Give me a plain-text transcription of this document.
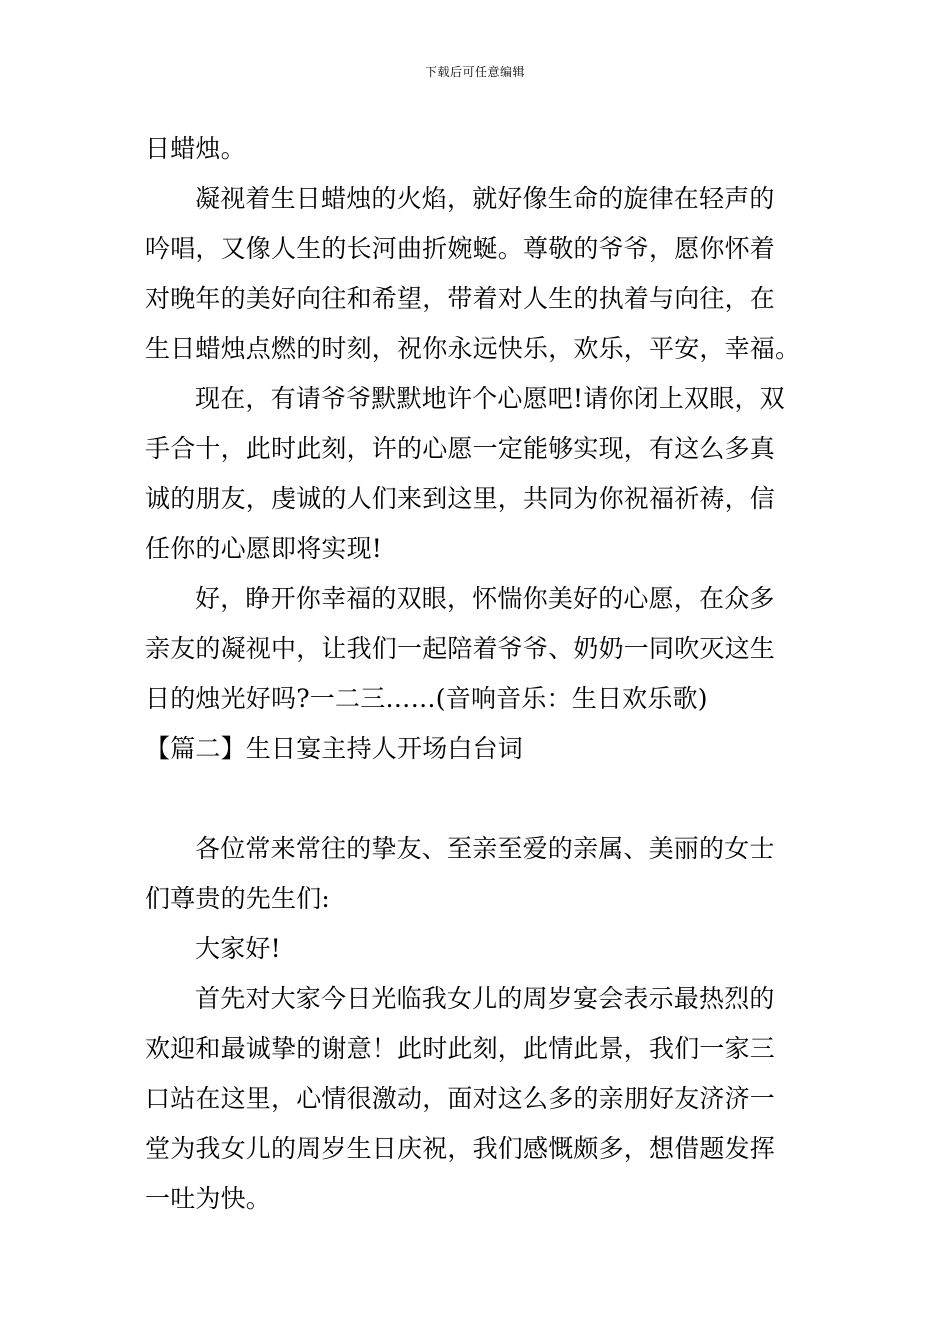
下载后可任意编辑
日蜡烛。
凝视着生日蜡烛的火焰，就好像生命的旋律在轻声的
吟唱，又像人生的长河曲折婉蜒。尊敬的爷爷，愿你怀着
对晚年的美好向往和希望，带着对人生的执着与向往，在
生日蜡烛点燃的时刻，祝你永远快乐，欢乐，平安，幸福。
现在，有请爷爷默默地许个心愿吧!请你闭上双眼，双
手合十，此时此刻，许的心愿一定能够实现，有这么多真
诚的朋友，虔诚的人们来到这里，共同为你祝福祈祷，信
任你的心愿即将实现!
好，睁开你幸福的双眼，怀惴你美好的心愿，在众多
亲友的凝视中，让我们一起陪着爷爷、奶奶一同吹灭这生
日的烛光好吗?一二三……(音响音乐：生日欢乐歌)
【篇二】生日宴主持人开场白台词
各位常来常往的挚友、至亲至爱的亲属、美丽的女士
们尊贵的先生们:
大家好!
首先对大家今日光临我女儿的周岁宴会表示最热烈的
欢迎和最诚挚的谢意！此时此刻，此情此景，我们一家三
口站在这里，心情很激动，面对这么多的亲朋好友济济一
堂为我女儿的周岁生日庆祝，我们感慨颇多，想借题发挥
一吐为快。
